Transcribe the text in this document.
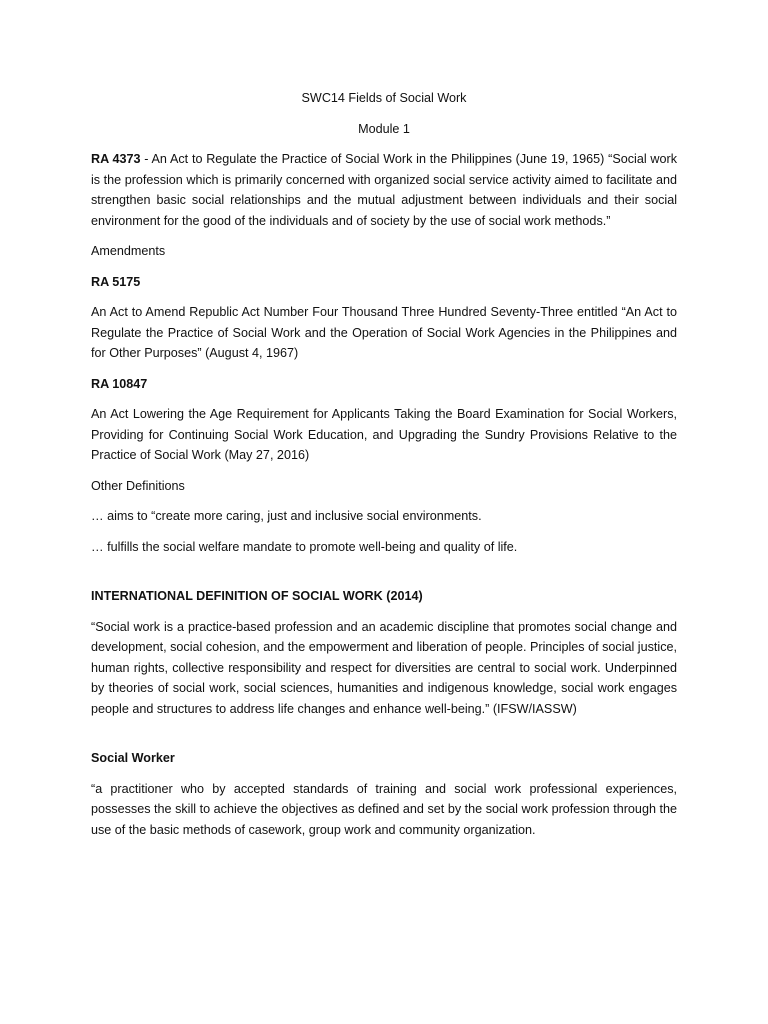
SWC14 Fields of Social Work

Module 1

RA 4373 - An Act to Regulate the Practice of Social Work in the Philippines (June 19, 1965) “Social work is the profession which is primarily concerned with organized social service activity aimed to facilitate and strengthen basic social relationships and the mutual adjustment between individuals and their social environment for the good of the individuals and of society by the use of social work methods.”

Amendments

RA 5175

An Act to Amend Republic Act Number Four Thousand Three Hundred Seventy-Three entitled “An Act to Regulate the Practice of Social Work and the Operation of Social Work Agencies in the Philippines and for Other Purposes” (August 4, 1967)

RA 10847

An Act Lowering the Age Requirement for Applicants Taking the Board Examination for Social Workers, Providing for Continuing Social Work Education, and Upgrading the Sundry Provisions Relative to the Practice of Social Work (May 27, 2016)

Other Definitions

… aims to “create more caring, just and inclusive social environments.

… fulfills the social welfare mandate to promote well-being and quality of life.

INTERNATIONAL DEFINITION OF SOCIAL WORK (2014)

“Social work is a practice-based profession and an academic discipline that promotes social change and development, social cohesion, and the empowerment and liberation of people. Principles of social justice, human rights, collective responsibility and respect for diversities are central to social work. Underpinned by theories of social work, social sciences, humanities and indigenous knowledge, social work engages people and structures to address life changes and enhance well-being.” (IFSW/IASSW)

Social Worker

“a practitioner who by accepted standards of training and social work professional experiences, possesses the skill to achieve the objectives as defined and set by the social work profession through the use of the basic methods of casework, group work and community organization.
